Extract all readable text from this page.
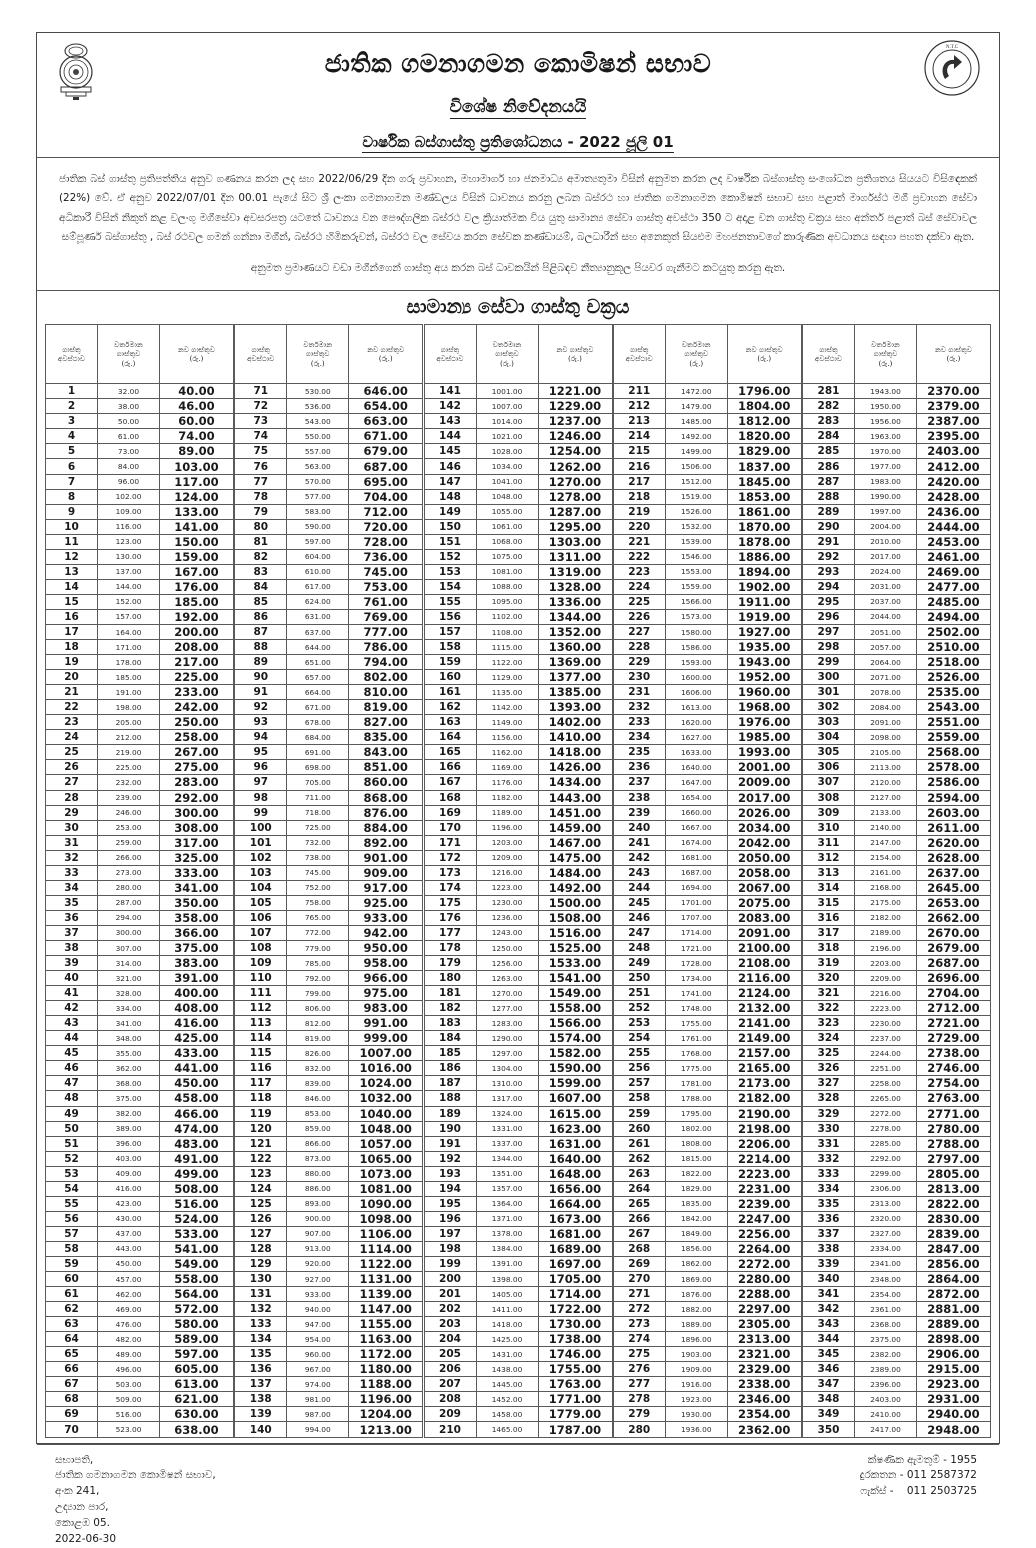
N.T.C
ජාතික ගමනාගමන කොමිෂන් සභාව
විශේෂ නිවේදනයයි
වාර්ෂික බස්ගාස්තු ප්‍රතිශෝධනය - 2022 ජූලි 01

ජාතික බස් ගාස්තු ප්‍රතිපත්තිය අනුව ගණනය කරන ලද සහ 2022/06/29 දින ගරු ප්‍රවාහන, මහාමාර්ග හා ජනමාධ්‍ය අමාත්‍යතුමා විසින් අනුමත කරන ලද වාර්ෂික බස්ගාස්තු සංශෝධන ප්‍රතිශතය සියයට විසිඳෙකක් (22%) වේ. ඒ අනුව 2022/07/01 දින 00.01 පැයේ සිට ශ්‍රී ලංකා ගමනාගමන මණ්ඩලය විසින් ධාවනය කරනු ලබන බස්රථ හා ජාතික ගමනාගමන කොමිෂන් සභාව සහ පළාත් මාර්ගස්ථ මගී ප්‍රවාහන සේවා අධිකාරී විසින් නිකුත් කළ වලංගු මගීසේවා අවසරපත්‍ර යටතේ ධාවනය වන පෞද්ගලික බස්රථ වල ක්‍රියාත්මක විය යුතු සාමාන්‍ය සේවා ගාස්තු අවස්ථා 350 ට අදාළ වන ගාස්තු චක්‍රය සහ අන්තර් පළාත් බස් සේවාවල සම්පූර්ණ බස්ගාස්තු , බස් රථවල ගමන් ගන්නා මගීන්, බස්රථ හිමිකරුවන්, බස්රථ වල සේවය කරන සේවක කණ්ඩායම්, බලධාරීන් සහ අනෙකුත් සියළුම මහජනතාවගේ කාරුණික අවධානය සඳහා පහත දක්වා ඇත.

අනුමත ප්‍රමාණයට වඩා මගීන්ගෙන් ගාස්තු අය කරන බස් ධාවකයින් පිළිබඳව නීත්‍යානුකූල පියවර ගැනීමට කටයුතු කරනු ඇත.

සාමාන්‍ය සේවා ගාස්තු චක්‍රය
ගාස්තු
අවස්ථාව	වර්තමාන
ගාස්තුව
(රු.)	නව ගාස්තුව
(රු.)
1	32.00	40.00
2	38.00	46.00
3	50.00	60.00
4	61.00	74.00
5	73.00	89.00
6	84.00	103.00
7	96.00	117.00
8	102.00	124.00
9	109.00	133.00
10	116.00	141.00
11	123.00	150.00
12	130.00	159.00
13	137.00	167.00
14	144.00	176.00
15	152.00	185.00
16	157.00	192.00
17	164.00	200.00
18	171.00	208.00
19	178.00	217.00
20	185.00	225.00
21	191.00	233.00
22	198.00	242.00
23	205.00	250.00
24	212.00	258.00
25	219.00	267.00
26	225.00	275.00
27	232.00	283.00
28	239.00	292.00
29	246.00	300.00
30	253.00	308.00
31	259.00	317.00
32	266.00	325.00
33	273.00	333.00
34	280.00	341.00
35	287.00	350.00
36	294.00	358.00
37	300.00	366.00
38	307.00	375.00
39	314.00	383.00
40	321.00	391.00
41	328.00	400.00
42	334.00	408.00
43	341.00	416.00
44	348.00	425.00
45	355.00	433.00
46	362.00	441.00
47	368.00	450.00
48	375.00	458.00
49	382.00	466.00
50	389.00	474.00
51	396.00	483.00
52	403.00	491.00
53	409.00	499.00
54	416.00	508.00
55	423.00	516.00
56	430.00	524.00
57	437.00	533.00
58	443.00	541.00
59	450.00	549.00
60	457.00	558.00
61	462.00	564.00
62	469.00	572.00
63	476.00	580.00
64	482.00	589.00
65	489.00	597.00
66	496.00	605.00
67	503.00	613.00
68	509.00	621.00
69	516.00	630.00
70	523.00	638.00
ගාස්තු
අවස්ථාව	වර්තමාන
ගාස්තුව
(රු.)	නව ගාස්තුව
(රු.)
71	530.00	646.00
72	536.00	654.00
73	543.00	663.00
74	550.00	671.00
75	557.00	679.00
76	563.00	687.00
77	570.00	695.00
78	577.00	704.00
79	583.00	712.00
80	590.00	720.00
81	597.00	728.00
82	604.00	736.00
83	610.00	745.00
84	617.00	753.00
85	624.00	761.00
86	631.00	769.00
87	637.00	777.00
88	644.00	786.00
89	651.00	794.00
90	657.00	802.00
91	664.00	810.00
92	671.00	819.00
93	678.00	827.00
94	684.00	835.00
95	691.00	843.00
96	698.00	851.00
97	705.00	860.00
98	711.00	868.00
99	718.00	876.00
100	725.00	884.00
101	732.00	892.00
102	738.00	901.00
103	745.00	909.00
104	752.00	917.00
105	758.00	925.00
106	765.00	933.00
107	772.00	942.00
108	779.00	950.00
109	785.00	958.00
110	792.00	966.00
111	799.00	975.00
112	806.00	983.00
113	812.00	991.00
114	819.00	999.00
115	826.00	1007.00
116	832.00	1016.00
117	839.00	1024.00
118	846.00	1032.00
119	853.00	1040.00
120	859.00	1048.00
121	866.00	1057.00
122	873.00	1065.00
123	880.00	1073.00
124	886.00	1081.00
125	893.00	1090.00
126	900.00	1098.00
127	907.00	1106.00
128	913.00	1114.00
129	920.00	1122.00
130	927.00	1131.00
131	933.00	1139.00
132	940.00	1147.00
133	947.00	1155.00
134	954.00	1163.00
135	960.00	1172.00
136	967.00	1180.00
137	974.00	1188.00
138	981.00	1196.00
139	987.00	1204.00
140	994.00	1213.00
ගාස්තු
අවස්ථාව	වර්තමාන
ගාස්තුව
(රු.)	නව ගාස්තුව
(රු.)
141	1001.00	1221.00
142	1007.00	1229.00
143	1014.00	1237.00
144	1021.00	1246.00
145	1028.00	1254.00
146	1034.00	1262.00
147	1041.00	1270.00
148	1048.00	1278.00
149	1055.00	1287.00
150	1061.00	1295.00
151	1068.00	1303.00
152	1075.00	1311.00
153	1081.00	1319.00
154	1088.00	1328.00
155	1095.00	1336.00
156	1102.00	1344.00
157	1108.00	1352.00
158	1115.00	1360.00
159	1122.00	1369.00
160	1129.00	1377.00
161	1135.00	1385.00
162	1142.00	1393.00
163	1149.00	1402.00
164	1156.00	1410.00
165	1162.00	1418.00
166	1169.00	1426.00
167	1176.00	1434.00
168	1182.00	1443.00
169	1189.00	1451.00
170	1196.00	1459.00
171	1203.00	1467.00
172	1209.00	1475.00
173	1216.00	1484.00
174	1223.00	1492.00
175	1230.00	1500.00
176	1236.00	1508.00
177	1243.00	1516.00
178	1250.00	1525.00
179	1256.00	1533.00
180	1263.00	1541.00
181	1270.00	1549.00
182	1277.00	1558.00
183	1283.00	1566.00
184	1290.00	1574.00
185	1297.00	1582.00
186	1304.00	1590.00
187	1310.00	1599.00
188	1317.00	1607.00
189	1324.00	1615.00
190	1331.00	1623.00
191	1337.00	1631.00
192	1344.00	1640.00
193	1351.00	1648.00
194	1357.00	1656.00
195	1364.00	1664.00
196	1371.00	1673.00
197	1378.00	1681.00
198	1384.00	1689.00
199	1391.00	1697.00
200	1398.00	1705.00
201	1405.00	1714.00
202	1411.00	1722.00
203	1418.00	1730.00
204	1425.00	1738.00
205	1431.00	1746.00
206	1438.00	1755.00
207	1445.00	1763.00
208	1452.00	1771.00
209	1458.00	1779.00
210	1465.00	1787.00
ගාස්තු
අවස්ථාව	වර්තමාන
ගාස්තුව
(රු.)	නව ගාස්තුව
(රු.)
211	1472.00	1796.00
212	1479.00	1804.00
213	1485.00	1812.00
214	1492.00	1820.00
215	1499.00	1829.00
216	1506.00	1837.00
217	1512.00	1845.00
218	1519.00	1853.00
219	1526.00	1861.00
220	1532.00	1870.00
221	1539.00	1878.00
222	1546.00	1886.00
223	1553.00	1894.00
224	1559.00	1902.00
225	1566.00	1911.00
226	1573.00	1919.00
227	1580.00	1927.00
228	1586.00	1935.00
229	1593.00	1943.00
230	1600.00	1952.00
231	1606.00	1960.00
232	1613.00	1968.00
233	1620.00	1976.00
234	1627.00	1985.00
235	1633.00	1993.00
236	1640.00	2001.00
237	1647.00	2009.00
238	1654.00	2017.00
239	1660.00	2026.00
240	1667.00	2034.00
241	1674.00	2042.00
242	1681.00	2050.00
243	1687.00	2058.00
244	1694.00	2067.00
245	1701.00	2075.00
246	1707.00	2083.00
247	1714.00	2091.00
248	1721.00	2100.00
249	1728.00	2108.00
250	1734.00	2116.00
251	1741.00	2124.00
252	1748.00	2132.00
253	1755.00	2141.00
254	1761.00	2149.00
255	1768.00	2157.00
256	1775.00	2165.00
257	1781.00	2173.00
258	1788.00	2182.00
259	1795.00	2190.00
260	1802.00	2198.00
261	1808.00	2206.00
262	1815.00	2214.00
263	1822.00	2223.00
264	1829.00	2231.00
265	1835.00	2239.00
266	1842.00	2247.00
267	1849.00	2256.00
268	1856.00	2264.00
269	1862.00	2272.00
270	1869.00	2280.00
271	1876.00	2288.00
272	1882.00	2297.00
273	1889.00	2305.00
274	1896.00	2313.00
275	1903.00	2321.00
276	1909.00	2329.00
277	1916.00	2338.00
278	1923.00	2346.00
279	1930.00	2354.00
280	1936.00	2362.00
ගාස්තු
අවස්ථාව	වර්තමාන
ගාස්තුව
(රු.)	නව ගාස්තුව
(රු.)
281	1943.00	2370.00
282	1950.00	2379.00
283	1956.00	2387.00
284	1963.00	2395.00
285	1970.00	2403.00
286	1977.00	2412.00
287	1983.00	2420.00
288	1990.00	2428.00
289	1997.00	2436.00
290	2004.00	2444.00
291	2010.00	2453.00
292	2017.00	2461.00
293	2024.00	2469.00
294	2031.00	2477.00
295	2037.00	2485.00
296	2044.00	2494.00
297	2051.00	2502.00
298	2057.00	2510.00
299	2064.00	2518.00
300	2071.00	2526.00
301	2078.00	2535.00
302	2084.00	2543.00
303	2091.00	2551.00
304	2098.00	2559.00
305	2105.00	2568.00
306	2113.00	2578.00
307	2120.00	2586.00
308	2127.00	2594.00
309	2133.00	2603.00
310	2140.00	2611.00
311	2147.00	2620.00
312	2154.00	2628.00
313	2161.00	2637.00
314	2168.00	2645.00
315	2175.00	2653.00
316	2182.00	2662.00
317	2189.00	2670.00
318	2196.00	2679.00
319	2203.00	2687.00
320	2209.00	2696.00
321	2216.00	2704.00
322	2223.00	2712.00
323	2230.00	2721.00
324	2237.00	2729.00
325	2244.00	2738.00
326	2251.00	2746.00
327	2258.00	2754.00
328	2265.00	2763.00
329	2272.00	2771.00
330	2278.00	2780.00
331	2285.00	2788.00
332	2292.00	2797.00
333	2299.00	2805.00
334	2306.00	2813.00
335	2313.00	2822.00
336	2320.00	2830.00
337	2327.00	2839.00
338	2334.00	2847.00
339	2341.00	2856.00
340	2348.00	2864.00
341	2354.00	2872.00
342	2361.00	2881.00
343	2368.00	2889.00
344	2375.00	2898.00
345	2382.00	2906.00
346	2389.00	2915.00
347	2396.00	2923.00
348	2403.00	2931.00
349	2410.00	2940.00
350	2417.00	2948.00
සභාපති,
ජාතික ගමනාගමන කොමිෂන් සභාව,
අංක 241,
උද්‍යාන පාර,
කොළඹ 05.
2022-06-30
ක්ෂණික ඇමතුම් - 1955
දුරකතන - 011 2587372
ෆැක්ස් -    011 2503725
